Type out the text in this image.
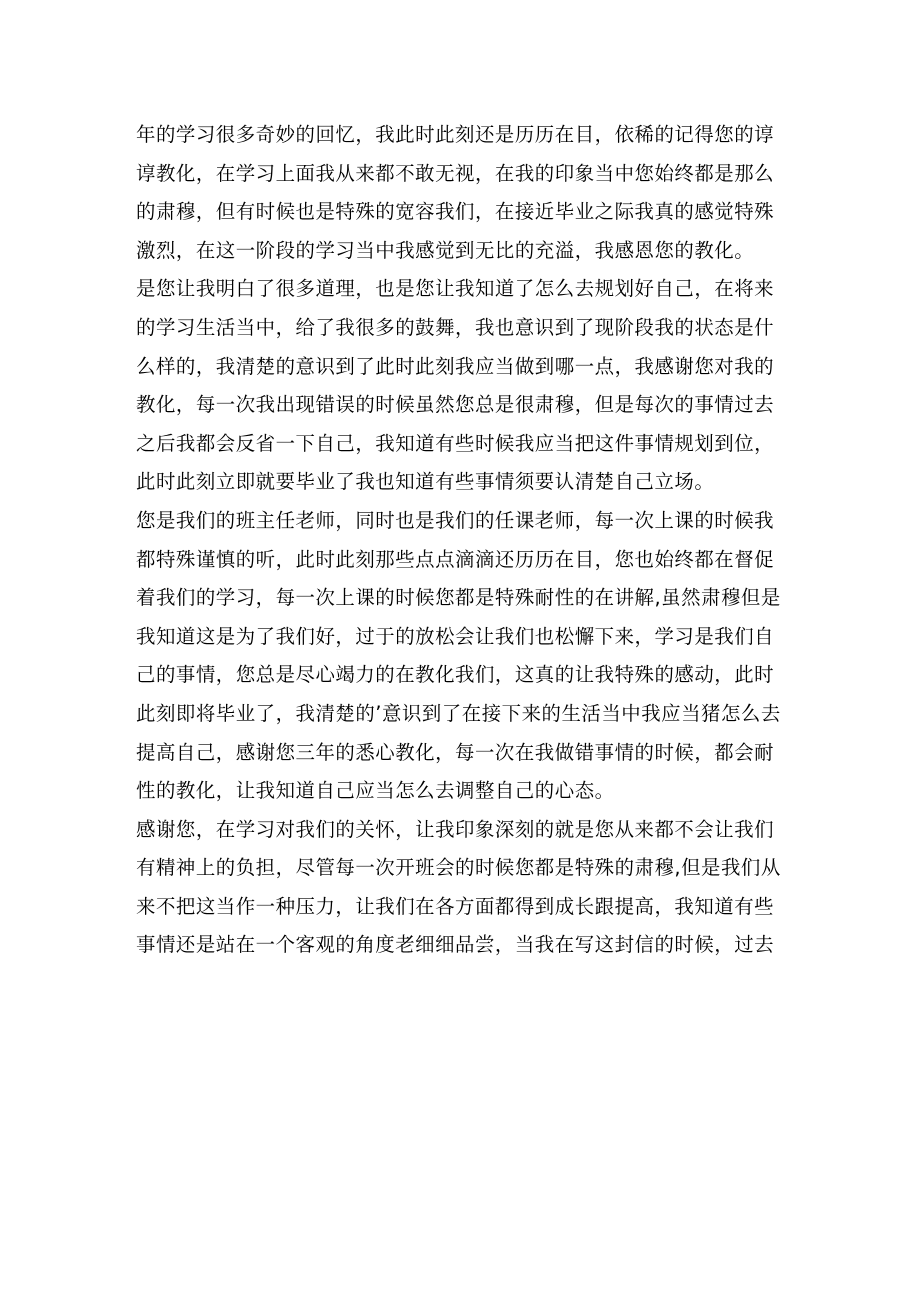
年的学习很多奇妙的回忆，我此时此刻还是历历在目，依稀的记得您的谆
谆教化，在学习上面我从来都不敢无视，在我的印象当中您始终都是那么
的肃穆，但有时候也是特殊的宽容我们，在接近毕业之际我真的感觉特殊
激烈，在这一阶段的学习当中我感觉到无比的充溢，我感恩您的教化。
是您让我明白了很多道理，也是您让我知道了怎么去规划好自己，在将来
的学习生活当中，给了我很多的鼓舞，我也意识到了现阶段我的状态是什
么样的，我清楚的意识到了此时此刻我应当做到哪一点，我感谢您对我的
教化，每一次我出现错误的时候虽然您总是很肃穆，但是每次的事情过去
之后我都会反省一下自己，我知道有些时候我应当把这件事情规划到位，
此时此刻立即就要毕业了我也知道有些事情须要认清楚自己立场。
您是我们的班主任老师，同时也是我们的任课老师，每一次上课的时候我
都特殊谨慎的听，此时此刻那些点点滴滴还历历在目，您也始终都在督促
着我们的学习，每一次上课的时候您都是特殊耐性的在讲解,虽然肃穆但是
我知道这是为了我们好，过于的放松会让我们也松懈下来，学习是我们自
己的事情，您总是尽心竭力的在教化我们，这真的让我特殊的感动，此时
此刻即将毕业了，我清楚的’意识到了在接下来的生活当中我应当猪怎么去
提高自己，感谢您三年的悉心教化，每一次在我做错事情的时候，都会耐
性的教化，让我知道自己应当怎么去调整自己的心态。
感谢您，在学习对我们的关怀，让我印象深刻的就是您从来都不会让我们
有精神上的负担，尽管每一次开班会的时候您都是特殊的肃穆,但是我们从
来不把这当作一种压力，让我们在各方面都得到成长跟提高，我知道有些
事情还是站在一个客观的角度老细细品尝，当我在写这封信的时候，过去
